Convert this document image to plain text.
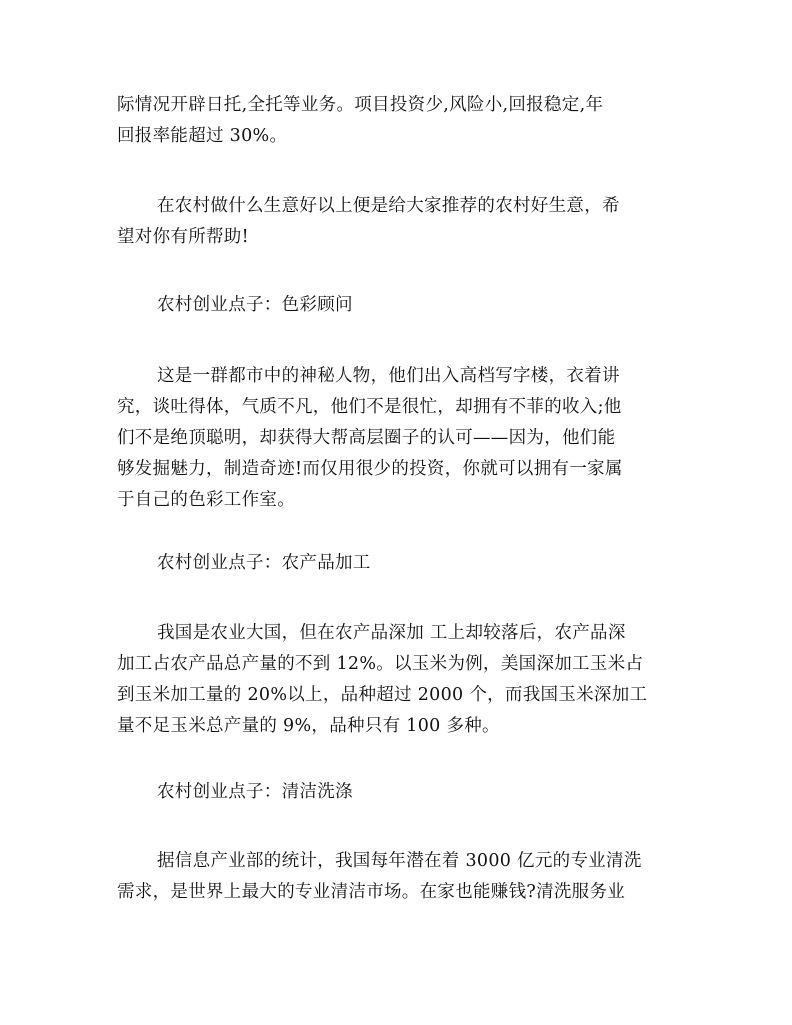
际情况开辟日托,全托等业务。项目投资少,风险小,回报稳定,年
回报率能超过 30%。
在农村做什么生意好以上便是给大家推荐的农村好生意，希
望对你有所帮助!
农村创业点子：色彩顾问
这是一群都市中的神秘人物，他们出入高档写字楼，衣着讲
究，谈吐得体，气质不凡，他们不是很忙，却拥有不菲的收入;他
们不是绝顶聪明，却获得大帮高层圈子的认可——因为，他们能
够发掘魅力，制造奇迹!而仅用很少的投资，你就可以拥有一家属
于自己的色彩工作室。
农村创业点子：农产品加工
我国是农业大国，但在农产品深加 工上却较落后，农产品深
加工占农产品总产量的不到 12%。以玉米为例，美国深加工玉米占
到玉米加工量的 20%以上，品种超过 2000 个，而我国玉米深加工
量不足玉米总产量的 9%，品种只有 100 多种。
农村创业点子：清洁洗涤
据信息产业部的统计，我国每年潜在着 3000 亿元的专业清洗
需求，是世界上最大的专业清洁市场。在家也能赚钱?清洗服务业
